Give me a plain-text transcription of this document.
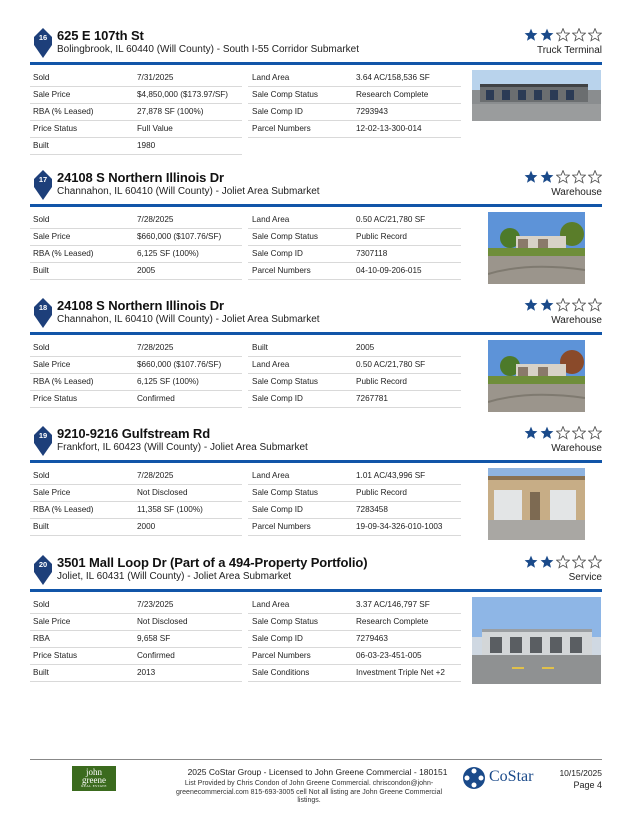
16 625 E 107th St
Bolingbrook, IL 60440 (Will County) - South I-55 Corridor Submarket	Truck Terminal
Sold	7/31/2025	Land Area	3.64 AC/158,536 SF
Sale Price	$4,850,000 ($173.97/SF)	Sale Comp Status	Research Complete
RBA (% Leased)	27,878 SF (100%)	Sale Comp ID	7293943
Price Status	Full Value	Parcel Numbers	12-02-13-300-014
Built	1980
17 24108 S Northern Illinois Dr
Channahon, IL 60410 (Will County) - Joliet Area Submarket	Warehouse
Sold	7/28/2025	Land Area	0.50 AC/21,780 SF
Sale Price	$660,000 ($107.76/SF)	Sale Comp Status	Public Record
RBA (% Leased)	6,125 SF (100%)	Sale Comp ID	7307118
Built	2005	Parcel Numbers	04-10-09-206-015
18 24108 S Northern Illinois Dr
Channahon, IL 60410 (Will County) - Joliet Area Submarket	Warehouse
Sold	7/28/2025	Built	2005
Sale Price	$660,000 ($107.76/SF)	Land Area	0.50 AC/21,780 SF
RBA (% Leased)	6,125 SF (100%)	Sale Comp Status	Public Record
Price Status	Confirmed	Sale Comp ID	7267781
19 9210-9216 Gulfstream Rd
Frankfort, IL 60423 (Will County) - Joliet Area Submarket	Warehouse
Sold	7/28/2025	Land Area	1.01 AC/43,996 SF
Sale Price	Not Disclosed	Sale Comp Status	Public Record
RBA (% Leased)	11,358 SF (100%)	Sale Comp ID	7283458
Built	2000	Parcel Numbers	19-09-34-326-010-1003
20 3501 Mall Loop Dr (Part of a 494-Property Portfolio)
Joliet, IL 60431 (Will County) - Joliet Area Submarket	Service
Sold	7/23/2025	Land Area	3.37 AC/146,797 SF
Sale Price	Not Disclosed	Sale Comp Status	Research Complete
RBA	9,658 SF	Sale Comp ID	7279463
Price Status	Confirmed	Parcel Numbers	06-03-23-451-005
Built	2013	Sale Conditions	Investment Triple Net +2
john
greene
REAL ESTATE
2025 CoStar Group - Licensed to John Greene Commercial - 180151
List Provided by Chris Condon of John Greene Commercial. chriscondon@john-greenecommercial.com 815-693-3005 cell Not all listing are John Greene Commercial listings.
CoStar	10/15/2025
Page 4
